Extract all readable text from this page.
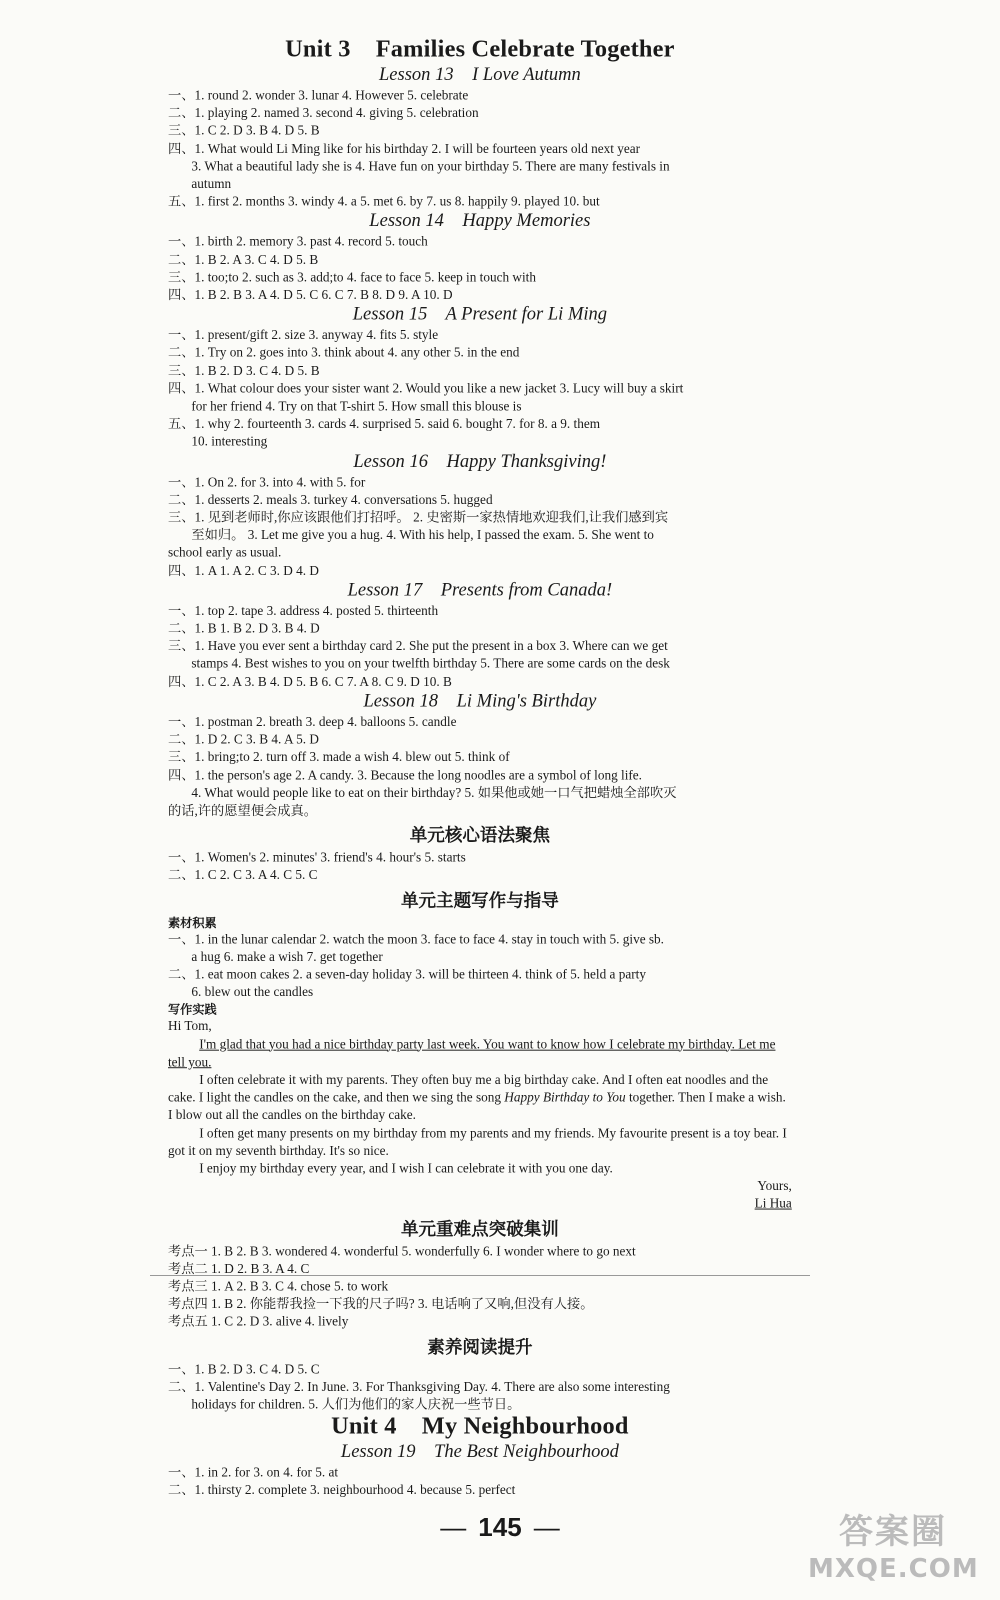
Unit 3    Families Celebrate Together
Lesson 13    I Love Autumn
一、1. round 2. wonder 3. lunar 4. However 5. celebrate
二、1. playing 2. named 3. second 4. giving 5. celebration
三、1. C 2. D 3. B 4. D 5. B
四、1. What would Li Ming like for his birthday 2. I will be fourteen years old next year
3. What a beautiful lady she is 4. Have fun on your birthday 5. There are many festivals in
autumn
五、1. first 2. months 3. windy 4. a 5. met 6. by 7. us 8. happily 9. played 10. but
Lesson 14    Happy Memories
一、1. birth 2. memory 3. past 4. record 5. touch
二、1. B 2. A 3. C 4. D 5. B
三、1. too;to 2. such as 3. add;to 4. face to face 5. keep in touch with
四、1. B 2. B 3. A 4. D 5. C 6. C 7. B 8. D 9. A 10. D
Lesson 15    A Present for Li Ming
一、1. present/gift 2. size 3. anyway 4. fits 5. style
二、1. Try on 2. goes into 3. think about 4. any other 5. in the end
三、1. B 2. D 3. C 4. D 5. B
四、1. What colour does your sister want 2. Would you like a new jacket 3. Lucy will buy a skirt
for her friend 4. Try on that T-shirt 5. How small this blouse is
五、1. why 2. fourteenth 3. cards 4. surprised 5. said 6. bought 7. for 8. a 9. them
10. interesting
Lesson 16    Happy Thanksgiving!
一、1. On 2. for 3. into 4. with 5. for
二、1. desserts 2. meals 3. turkey 4. conversations 5. hugged
三、1. 见到老师时,你应该跟他们打招呼。 2. 史密斯一家热情地欢迎我们,让我们感到宾
至如归。 3. Let me give you a hug. 4. With his help, I passed the exam. 5. She went to
school early as usual.
四、1. A 1. A 2. C 3. D 4. D
Lesson 17    Presents from Canada!
一、1. top 2. tape 3. address 4. posted 5. thirteenth
二、1. B 1. B 2. D 3. B 4. D
三、1. Have you ever sent a birthday card 2. She put the present in a box 3. Where can we get
stamps 4. Best wishes to you on your twelfth birthday 5. There are some cards on the desk
四、1. C 2. A 3. B 4. D 5. B 6. C 7. A 8. C 9. D 10. B
Lesson 18    Li Ming's Birthday
一、1. postman 2. breath 3. deep 4. balloons 5. candle
二、1. D 2. C 3. B 4. A 5. D
三、1. bring;to 2. turn off 3. made a wish 4. blew out 5. think of
四、1. the person's age 2. A candy. 3. Because the long noodles are a symbol of long life.
4. What would people like to eat on their birthday? 5. 如果他或她一口气把蜡烛全部吹灭
的话,许的愿望便会成真。
单元核心语法聚焦
一、1. Women's 2. minutes' 3. friend's 4. hour's 5. starts
二、1. C 2. C 3. A 4. C 5. C
单元主题写作与指导
素材积累
一、1. in the lunar calendar 2. watch the moon 3. face to face 4. stay in touch with 5. give sb.
a hug 6. make a wish 7. get together
二、1. eat moon cakes 2. a seven-day holiday 3. will be thirteen 4. think of 5. held a party
6. blew out the candles
写作实践
Hi Tom,

I'm glad that you had a nice birthday party last week. You want to know how I celebrate my birthday. Let me tell you.

I often celebrate it with my parents. They often buy me a big birthday cake. And I often eat noodles and the cake. I light the candles on the cake, and then we sing the song Happy Birthday to You together. Then I make a wish. I blow out all the candles on the birthday cake.

I often get many presents on my birthday from my parents and my friends. My favourite present is a toy bear. I got it on my seventh birthday. It's so nice.

I enjoy my birthday every year, and I wish I can celebrate it with you one day.

Yours,
Li Hua
单元重难点突破集训
考点一 1. B 2. B 3. wondered 4. wonderful 5. wonderfully 6. I wonder where to go next
考点二 1. D 2. B 3. A 4. C
考点三 1. A 2. B 3. C 4. chose 5. to work
考点四 1. B 2. 你能帮我捡一下我的尺子吗? 3. 电话响了又响,但没有人接。
考点五 1. C 2. D 3. alive 4. lively
素养阅读提升
一、1. B 2. D 3. C 4. D 5. C
二、1. Valentine's Day 2. In June. 3. For Thanksgiving Day. 4. There are also some interesting
holidays for children. 5. 人们为他们的家人庆祝一些节日。
Unit 4    My Neighbourhood
Lesson 19    The Best Neighbourhood
一、1. in 2. for 3. on 4. for 5. at
二、1. thirsty 2. complete 3. neighbourhood 4. because 5. perfect
— 145 —	答案圈
MXQE.COM
